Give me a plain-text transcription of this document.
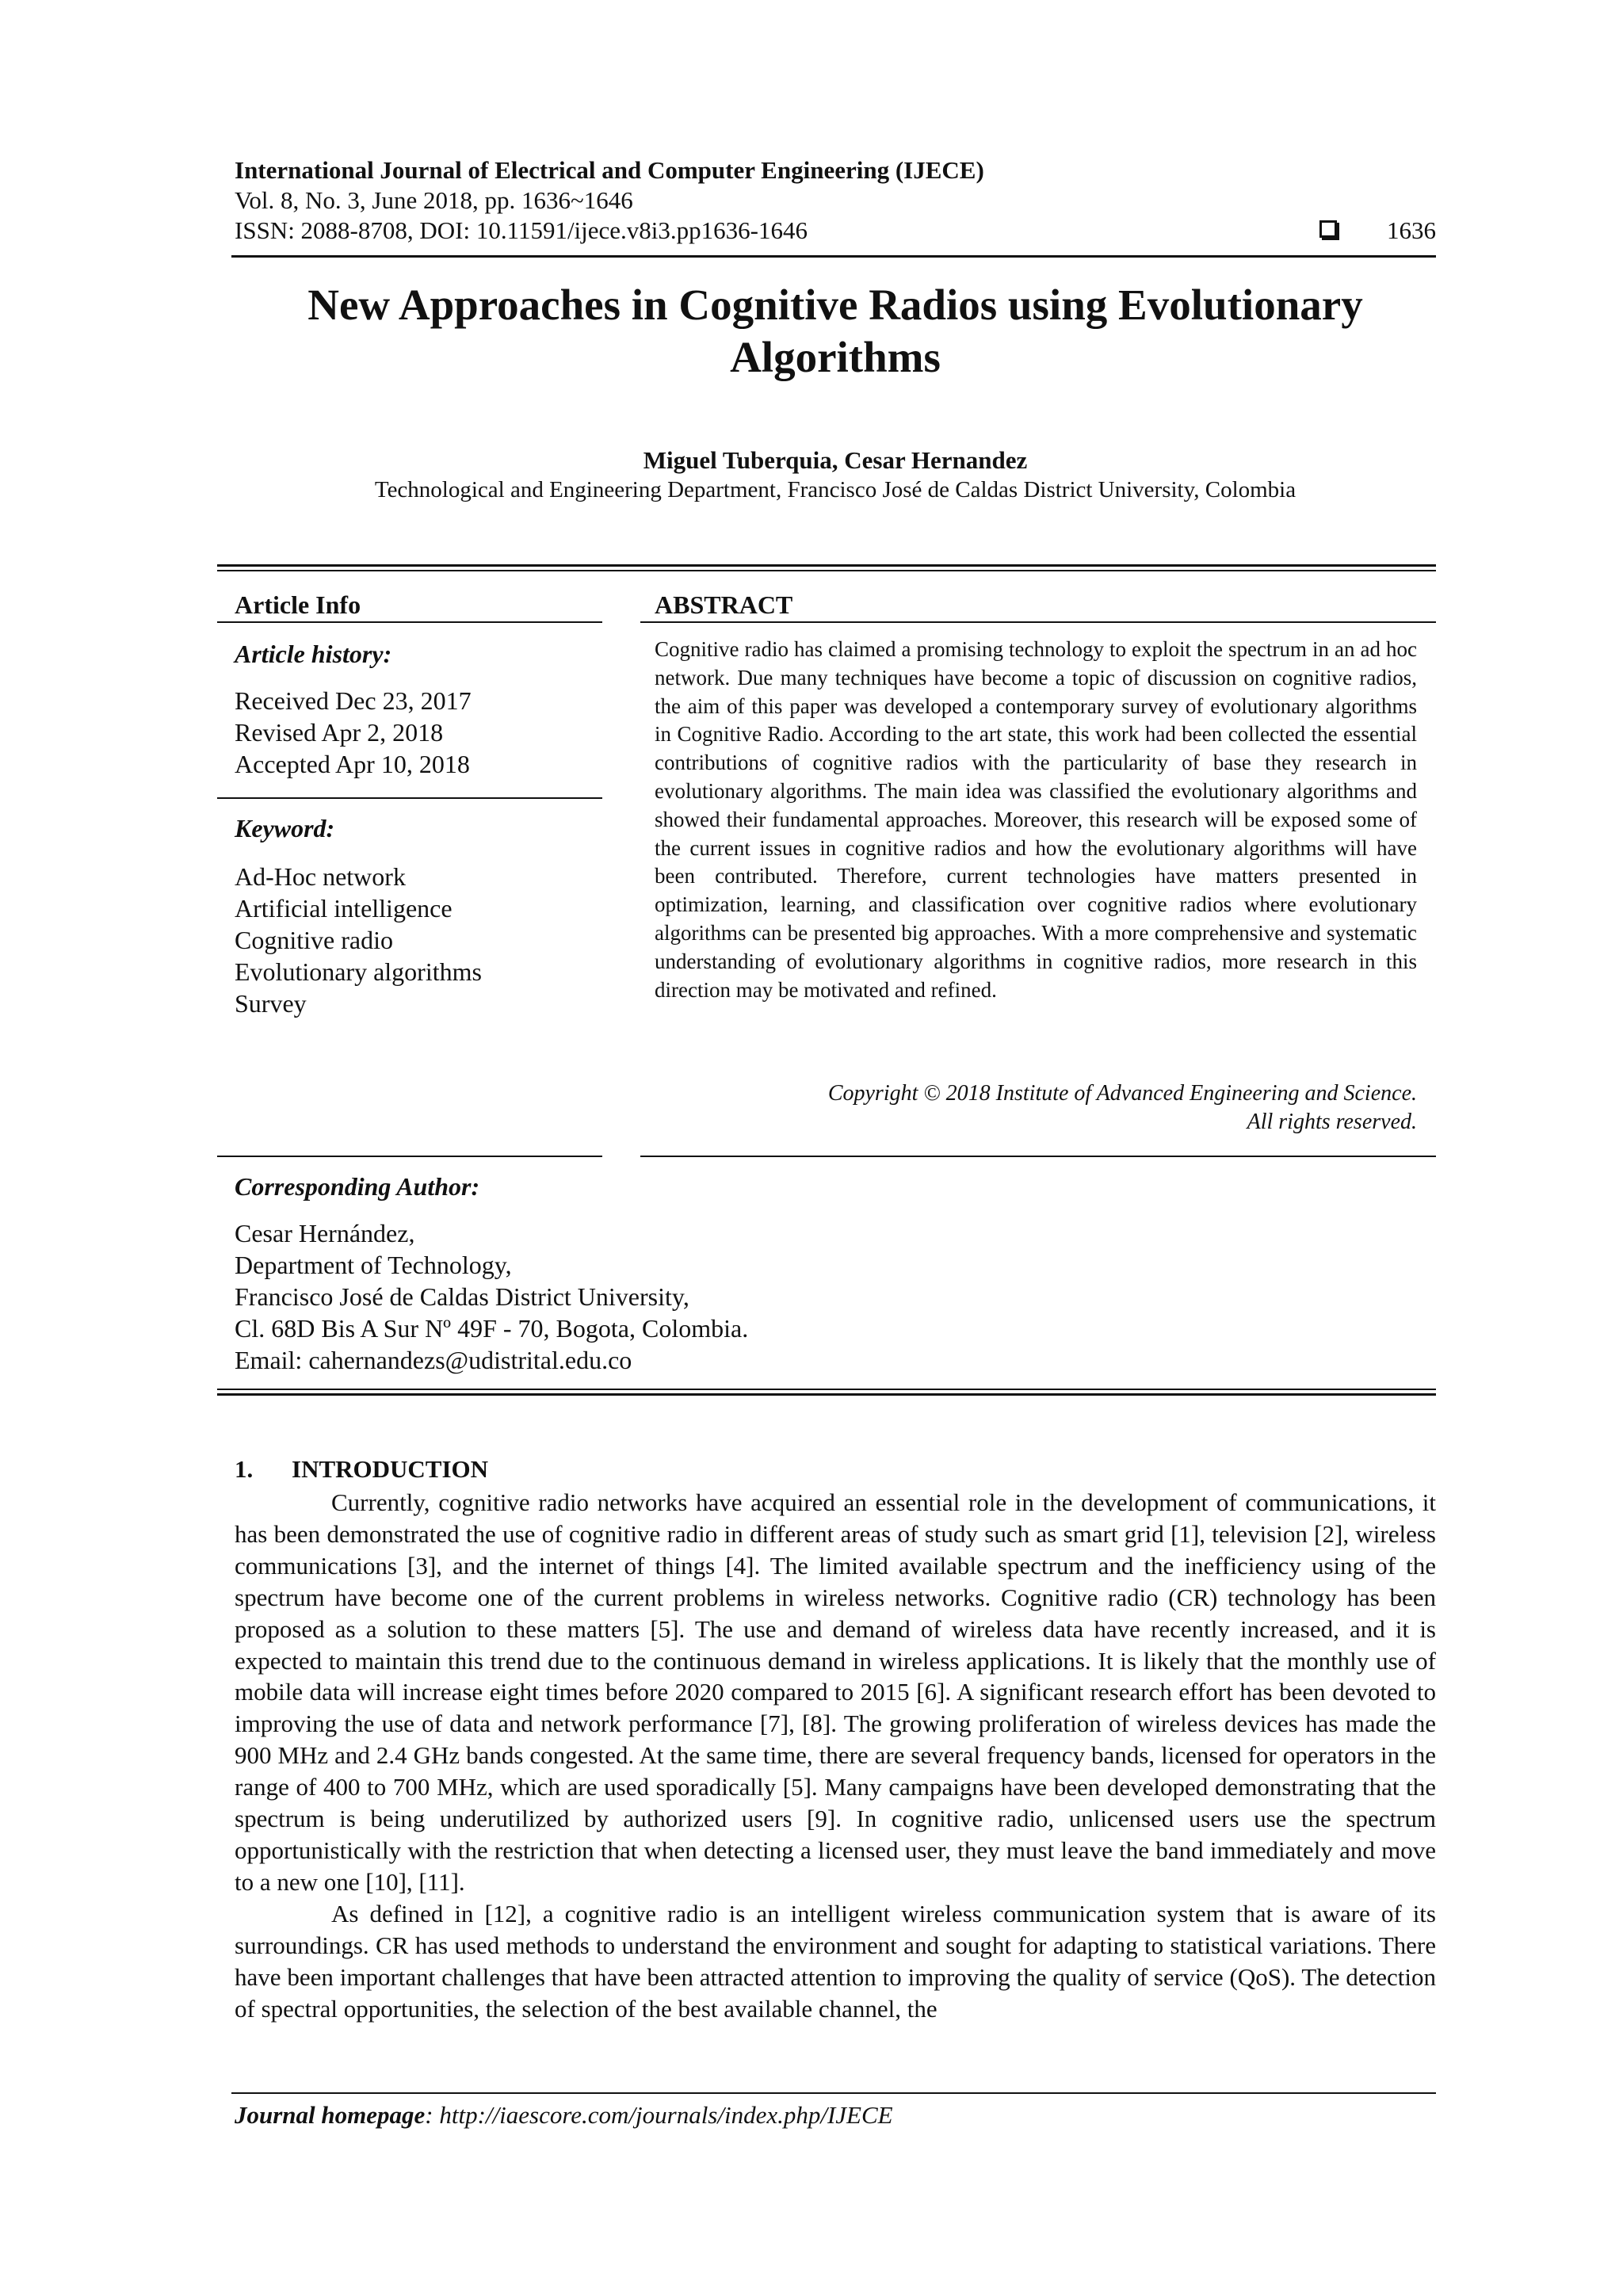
International Journal of Electrical and Computer Engineering (IJECE)
Vol. 8, No. 3, June 2018, pp. 1636~1646
ISSN: 2088-8708, DOI: 10.11591/ijece.v8i3.pp1636-1646	1636
New Approaches in Cognitive Radios using Evolutionary Algorithms
Miguel Tuberquia, Cesar Hernandez
Technological and Engineering Department, Francisco José de Caldas District University, Colombia
Article Info
Article history:
Received Dec 23, 2017
Revised Apr 2, 2018
Accepted Apr 10, 2018
Keyword:
Ad-Hoc network
Artificial intelligence
Cognitive radio
Evolutionary algorithms
Survey
ABSTRACT
Cognitive radio has claimed a promising technology to exploit the spectrum in an ad hoc network. Due many techniques have become a topic of discussion on cognitive radios, the aim of this paper was developed a contemporary survey of evolutionary algorithms in Cognitive Radio. According to the art state, this work had been collected the essential contributions of cognitive radios with the particularity of base they research in evolutionary algorithms. The main idea was classified the evolutionary algorithms and showed their fundamental approaches. Moreover, this research will be exposed some of the current issues in cognitive radios and how the evolutionary algorithms will have been contributed. Therefore, current technologies have matters presented in optimization, learning, and classification over cognitive radios where evolutionary algorithms can be presented big approaches. With a more comprehensive and systematic understanding of evolutionary algorithms in cognitive radios, more research in this direction may be motivated and refined.
Copyright © 2018 Institute of Advanced Engineering and Science.
All rights reserved.
Corresponding Author:
Cesar Hernández,
Department of Technology,
Francisco José de Caldas District University,
Cl. 68D Bis A Sur Nº 49F - 70, Bogota, Colombia.
Email: cahernandezs@udistrital.edu.co
1. INTRODUCTION

Currently, cognitive radio networks have acquired an essential role in the development of communications, it has been demonstrated the use of cognitive radio in different areas of study such as smart grid [1], television [2], wireless communications [3], and the internet of things [4]. The limited available spectrum and the inefficiency using of the spectrum have become one of the current problems in wireless networks. Cognitive radio (CR) technology has been proposed as a solution to these matters [5]. The use and demand of wireless data have recently increased, and it is expected to maintain this trend due to the continuous demand in wireless applications. It is likely that the monthly use of mobile data will increase eight times before 2020 compared to 2015 [6]. A significant research effort has been devoted to improving the use of data and network performance [7], [8]. The growing proliferation of wireless devices has made the 900 MHz and 2.4 GHz bands congested. At the same time, there are several frequency bands, licensed for operators in the range of 400 to 700 MHz, which are used sporadically [5]. Many campaigns have been developed demonstrating that the spectrum is being underutilized by authorized users [9]. In cognitive radio, unlicensed users use the spectrum opportunistically with the restriction that when detecting a licensed user, they must leave the band immediately and move to a new one [10], [11].

As defined in [12], a cognitive radio is an intelligent wireless communication system that is aware of its surroundings. CR has used methods to understand the environment and sought for adapting to statistical variations. There have been important challenges that have been attracted attention to improving the quality of service (QoS). The detection of spectral opportunities, the selection of the best available channel, the

Journal homepage: http://iaescore.com/journals/index.php/IJECE
